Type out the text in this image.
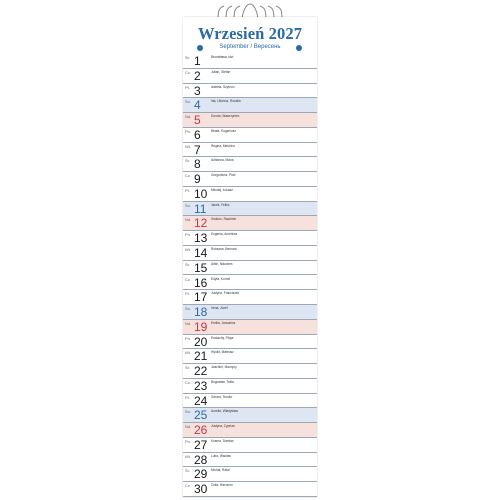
Wrzesień 2027
September / Вересень
Śr. 1	Bronisława, Idzi
Cz. 2	Julian, Stefan
Pt. 3	Izabela, Szymon
So. 4	Ida, Lilianna, Rozalia
Nd. 5	Dorota, Wawrzyniec
Pn. 6	Beata, Eugeniusz
Wt. 7	Regina, Melchior
Śr. 8	Adrianna, Maria
Cz. 9	Gorgoniusz, Piotr
Pt. 10 Mikołaj, Łukasz
So. 11	Jacek, Feliks
Nd. 12 Gwidon, Radzimir
Pn. 13 Eugenia, Aureliusz
Wt. 14 Roksana, Bernard
Śr. 15 Albin, Nikodem
Cz. 16 Edyta, Kornel
Pt. 17 Justyna, Franciszek
So. 18 Irena, Józef
Nd. 19 Emilia, Januarius
Pn. 20 Eustachy, Filipa
Wt. 21 Hipolit, Mateusz
Śr. 22 Joachim, Maurycy
Cz. 23 Bogusław, Tekla
Pt. 24 Gerard, Teodor
So. 25 Aurelia, Władysław
Nd. 26 Justyna, Cyprian
Pn. 27 Kosma, Damian
Wt. 28 Luba, Wacław
Śr. 29 Michał, Rafał
Cz. 30 Zofia, Hieronim
